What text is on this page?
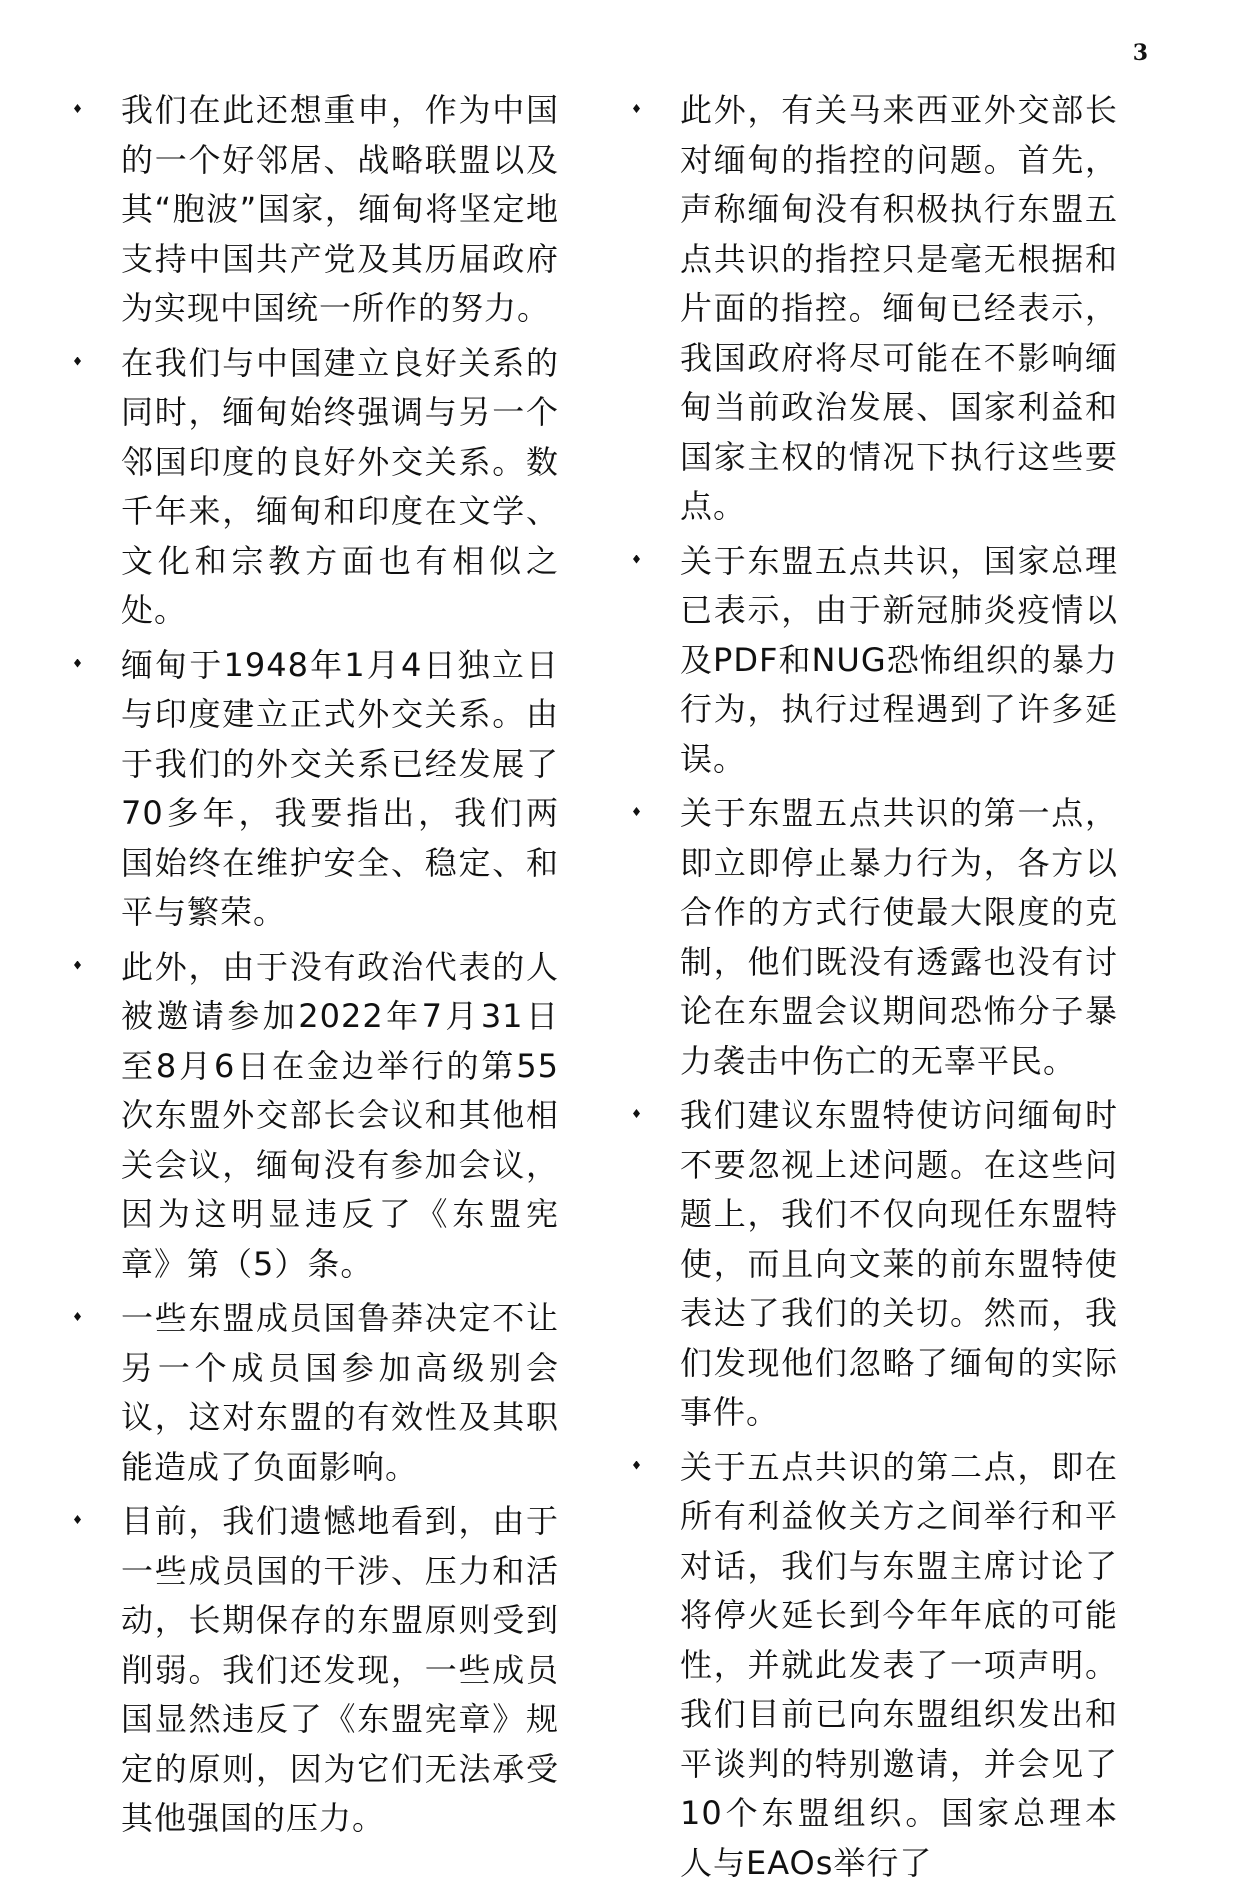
3
我们在此还想重申，作为中国的一个好邻居、战略联盟以及其“胞波”国家，缅甸将坚定地支持中国共产党及其历届政府为实现中国统一所作的努力。
在我们与中国建立良好关系的同时，缅甸始终强调与另一个邻国印度的良好外交关系。数千年来，缅甸和印度在文学、文化和宗教方面也有相似之处。
缅甸于1948年1月4日独立日与印度建立正式外交关系。由于我们的外交关系已经发展了70多年，我要指出，我们两国始终在维护安全、稳定、和平与繁荣。
此外，由于没有政治代表的人被邀请参加2022年7月31日至8月6日在金边举行的第55次东盟外交部长会议和其他相关会议，缅甸没有参加会议，因为这明显违反了《东盟宪章》第（5）条。
一些东盟成员国鲁莽决定不让另一个成员国参加高级别会议，这对东盟的有效性及其职能造成了负面影响。
目前，我们遗憾地看到，由于一些成员国的干涉、压力和活动，长期保存的东盟原则受到削弱。我们还发现，一些成员国显然违反了《东盟宪章》规定的原则，因为它们无法承受其他强国的压力。
此外，有关马来西亚外交部长对缅甸的指控的问题。首先，声称缅甸没有积极执行东盟五点共识的指控只是毫无根据和片面的指控。缅甸已经表示，我国政府将尽可能在不影响缅甸当前政治发展、国家利益和国家主权的情况下执行这些要点。
关于东盟五点共识，国家总理已表示，由于新冠肺炎疫情以及PDF和NUG恐怖组织的暴力行为，执行过程遇到了许多延误。
关于东盟五点共识的第一点，即立即停止暴力行为，各方以合作的方式行使最大限度的克制，他们既没有透露也没有讨论在东盟会议期间恐怖分子暴力袭击中伤亡的无辜平民。
我们建议东盟特使访问缅甸时不要忽视上述问题。在这些问题上，我们不仅向现任东盟特使，而且向文莱的前东盟特使表达了我们的关切。然而，我们发现他们忽略了缅甸的实际事件。
关于五点共识的第二点，即在所有利益攸关方之间举行和平对话，我们与东盟主席讨论了将停火延长到今年年底的可能性，并就此发表了一项声明。我们目前已向东盟组织发出和平谈判的特别邀请，并会见了10个东盟组织。国家总理本人与EAOs举行了
